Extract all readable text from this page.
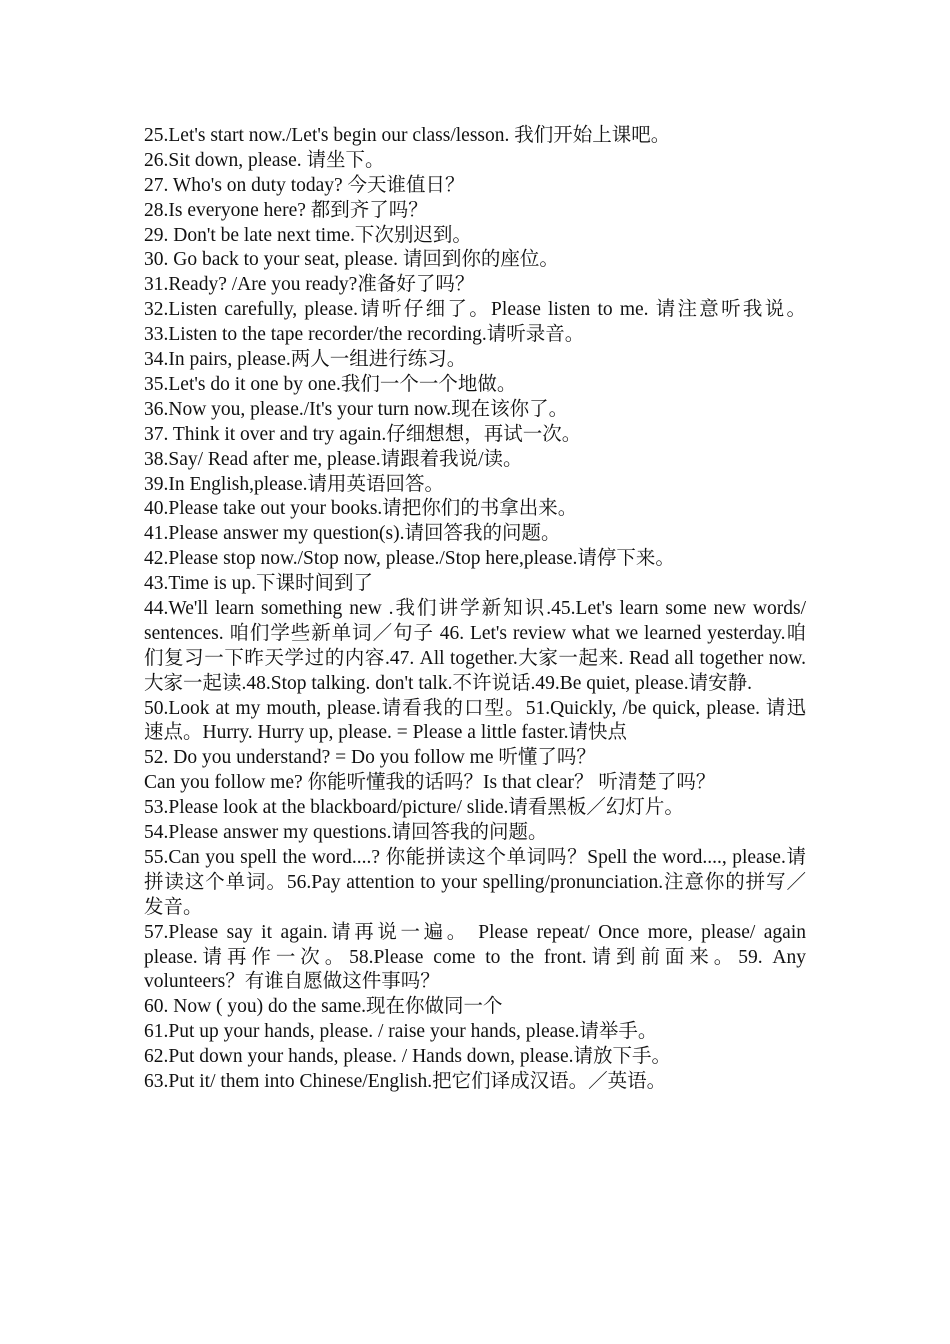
25.Let's start now./Let's begin our class/lesson. 我们开始上课吧。
26.Sit down, please. 请坐下。
27. Who's on duty today? 今天谁值日？
28.Is everyone here? 都到齐了吗？
29. Don't be late next time.下次别迟到。
30. Go back to your seat, please. 请回到你的座位。
31.Ready? /Are you ready?准备好了吗？
32.Listen carefully, please.请听仔细了。Please listen to me. 请注意听我说。 33.Listen to the tape recorder/the recording.请听录音。
34.In pairs, please.两人一组进行练习。
35.Let's do it one by one.我们一个一个地做。
36.Now you, please./It's your turn now.现在该你了。
37. Think it over and try again.仔细想想，再试一次。
38.Say/ Read after me, please.请跟着我说/读。
39.In English,please.请用英语回答。
40.Please take out your books.请把你们的书拿出来。
41.Please answer my question(s).请回答我的问题。
42.Please stop now./Stop now, please./Stop here,please.请停下来。
43.Time is up.下课时间到了
44.We'll learn something new .我们讲学新知识.45.Let's learn some new words/ sentences. 咱们学些新单词／句子 46. Let's review what we learned yesterday.咱们复习一下昨天学过的内容.47. All together.大家一起来. Read all together now.大家一起读.48.Stop talking. don't talk.不许说话.49.Be quiet, please.请安静.
50.Look at my mouth, please.请看我的口型。51.Quickly, /be quick, please. 请迅速点。Hurry. Hurry up, please. = Please a little faster.请快点
52. Do you understand? = Do you follow me 听懂了吗？
Can you follow me? 你能听懂我的话吗？Is that clear？ 听清楚了吗？
53.Please look at the blackboard/picture/ slide.请看黑板／幻灯片。
54.Please answer my questions.请回答我的问题。
55.Can you spell the word....? 你能拼读这个单词吗？Spell the word...., please.请拼读这个单词。56.Pay attention to your spelling/pronunciation.注意你的拼写／发音。
57.Please say it again.请再说一遍。 Please repeat/ Once more, please/ again please.请再作一次。58.Please come to the front.请到前面来。59. Any volunteers？有谁自愿做这件事吗？
60. Now ( you) do the same.现在你做同一个
61.Put up your hands, please. / raise your hands, please.请举手。
62.Put down your hands, please. / Hands down, please.请放下手。
63.Put it/ them into Chinese/English.把它们译成汉语。／英语。
